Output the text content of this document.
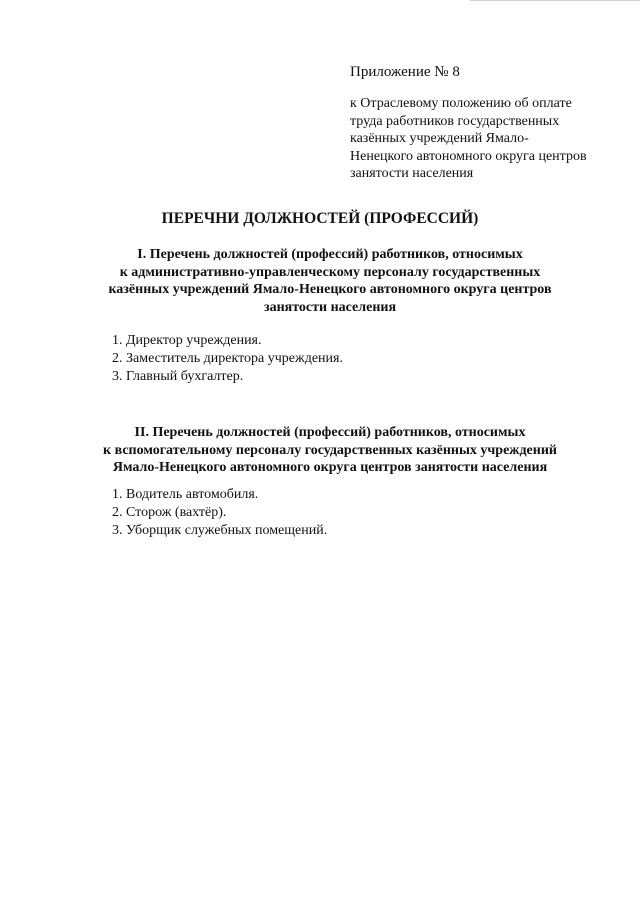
Приложение № 8

к Отраслевому положению об оплате
труда работников государственных
казённых учреждений Ямало-
Ненецкого автономного округа центров
занятости населения

ПЕРЕЧНИ ДОЛЖНОСТЕЙ (ПРОФЕССИЙ)
I. Перечень должностей (профессий) работников, относимых
к административно-управленческому персоналу государственных
казённых учреждений Ямало-Ненецкого автономного округа центров
занятости населения
1. Директор учреждения.
2. Заместитель директора учреждения.
3. Главный бухгалтер.
II. Перечень должностей (профессий) работников, относимых
к вспомогательному персоналу государственных казённых учреждений
Ямало-Ненецкого автономного округа центров занятости населения
1. Водитель автомобиля.
2. Сторож (вахтёр).
3. Уборщик служебных помещений.
